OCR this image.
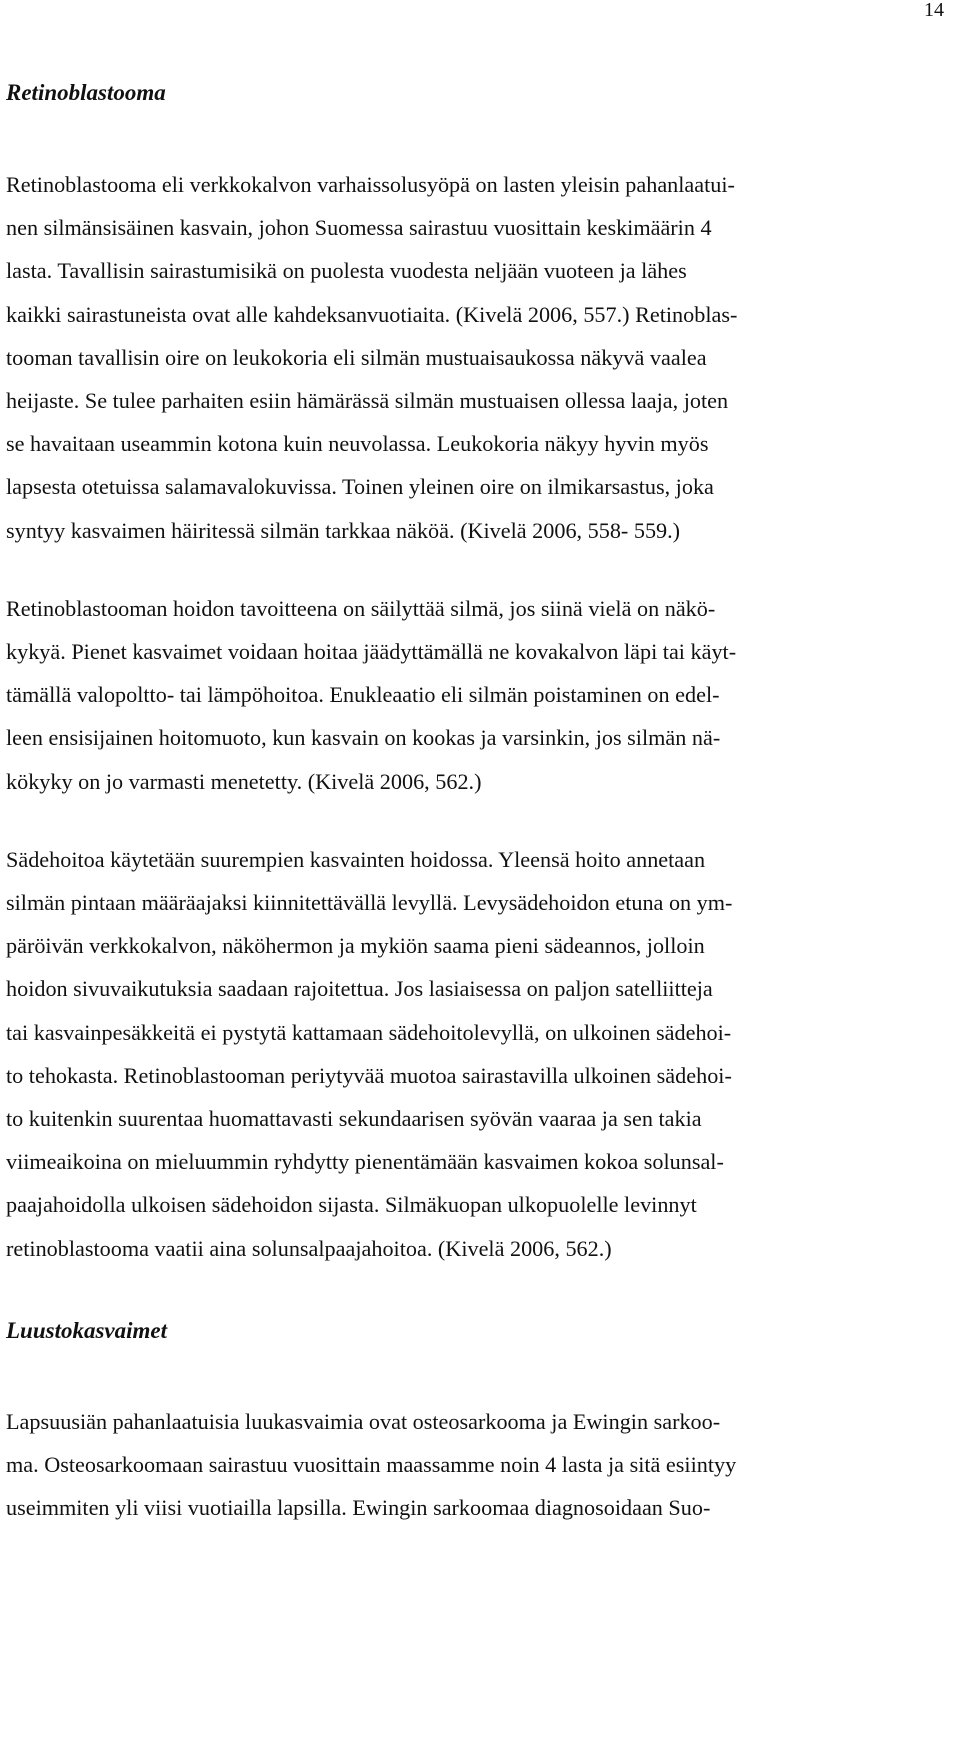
14
Retinoblastooma

Retinoblastooma eli verkkokalvon varhaissolusyöpä on lasten yleisin pahanlaatui-
nen silmänsisäinen kasvain, johon Suomessa sairastuu vuosittain keskimäärin 4
lasta. Tavallisin sairastumisikä on puolesta vuodesta neljään vuoteen ja lähes
kaikki sairastuneista ovat alle kahdeksanvuotiaita. (Kivelä 2006, 557.) Retinoblas-
tooman tavallisin oire on leukokoria eli silmän mustuaisaukossa näkyvä vaalea
heijaste. Se tulee parhaiten esiin hämärässä silmän mustuaisen ollessa laaja, joten
se havaitaan useammin kotona kuin neuvolassa. Leukokoria näkyy hyvin myös
lapsesta otetuissa salamavalokuvissa. Toinen yleinen oire on ilmikarsastus, joka
syntyy kasvaimen häiritessä silmän tarkkaa näköä. (Kivelä 2006, 558- 559.)

Retinoblastooman hoidon tavoitteena on säilyttää silmä, jos siinä vielä on näkö-
kykyä. Pienet kasvaimet voidaan hoitaa jäädyttämällä ne kovakalvon läpi tai käyt-
tämällä valopoltto- tai lämpöhoitoa. Enukleaatio eli silmän poistaminen on edel-
leen ensisijainen hoitomuoto, kun kasvain on kookas ja varsinkin, jos silmän nä-
kökyky on jo varmasti menetetty. (Kivelä 2006, 562.)

Sädehoitoa käytetään suurempien kasvainten hoidossa. Yleensä hoito annetaan
silmän pintaan määräajaksi kiinnitettävällä levyllä. Levysädehoidon etuna on ym-
päröivän verkkokalvon, näköhermon ja mykiön saama pieni sädeannos, jolloin
hoidon sivuvaikutuksia saadaan rajoitettua. Jos lasiaisessa on paljon satelliitteja
tai kasvainpesäkkeitä ei pystytä kattamaan sädehoitolevyllä, on ulkoinen sädehoi-
to tehokasta. Retinoblastooman periytyvää muotoa sairastavilla ulkoinen sädehoi-
to kuitenkin suurentaa huomattavasti sekundaarisen syövän vaaraa ja sen takia
viimeaikoina on mieluummin ryhdytty pienentämään kasvaimen kokoa solunsal-
paajahoidolla ulkoisen sädehoidon sijasta. Silmäkuopan ulkopuolelle levinnyt
retinoblastooma vaatii aina solunsalpaajahoitoa. (Kivelä 2006, 562.)

Luustokasvaimet

Lapsuusiän pahanlaatuisia luukasvaimia ovat osteosarkooma ja Ewingin sarkoo-
ma. Osteosarkoomaan sairastuu vuosittain maassamme noin 4 lasta ja sitä esiintyy
useimmiten yli viisi vuotiailla lapsilla. Ewingin sarkoomaa diagnosoidaan Suo-
